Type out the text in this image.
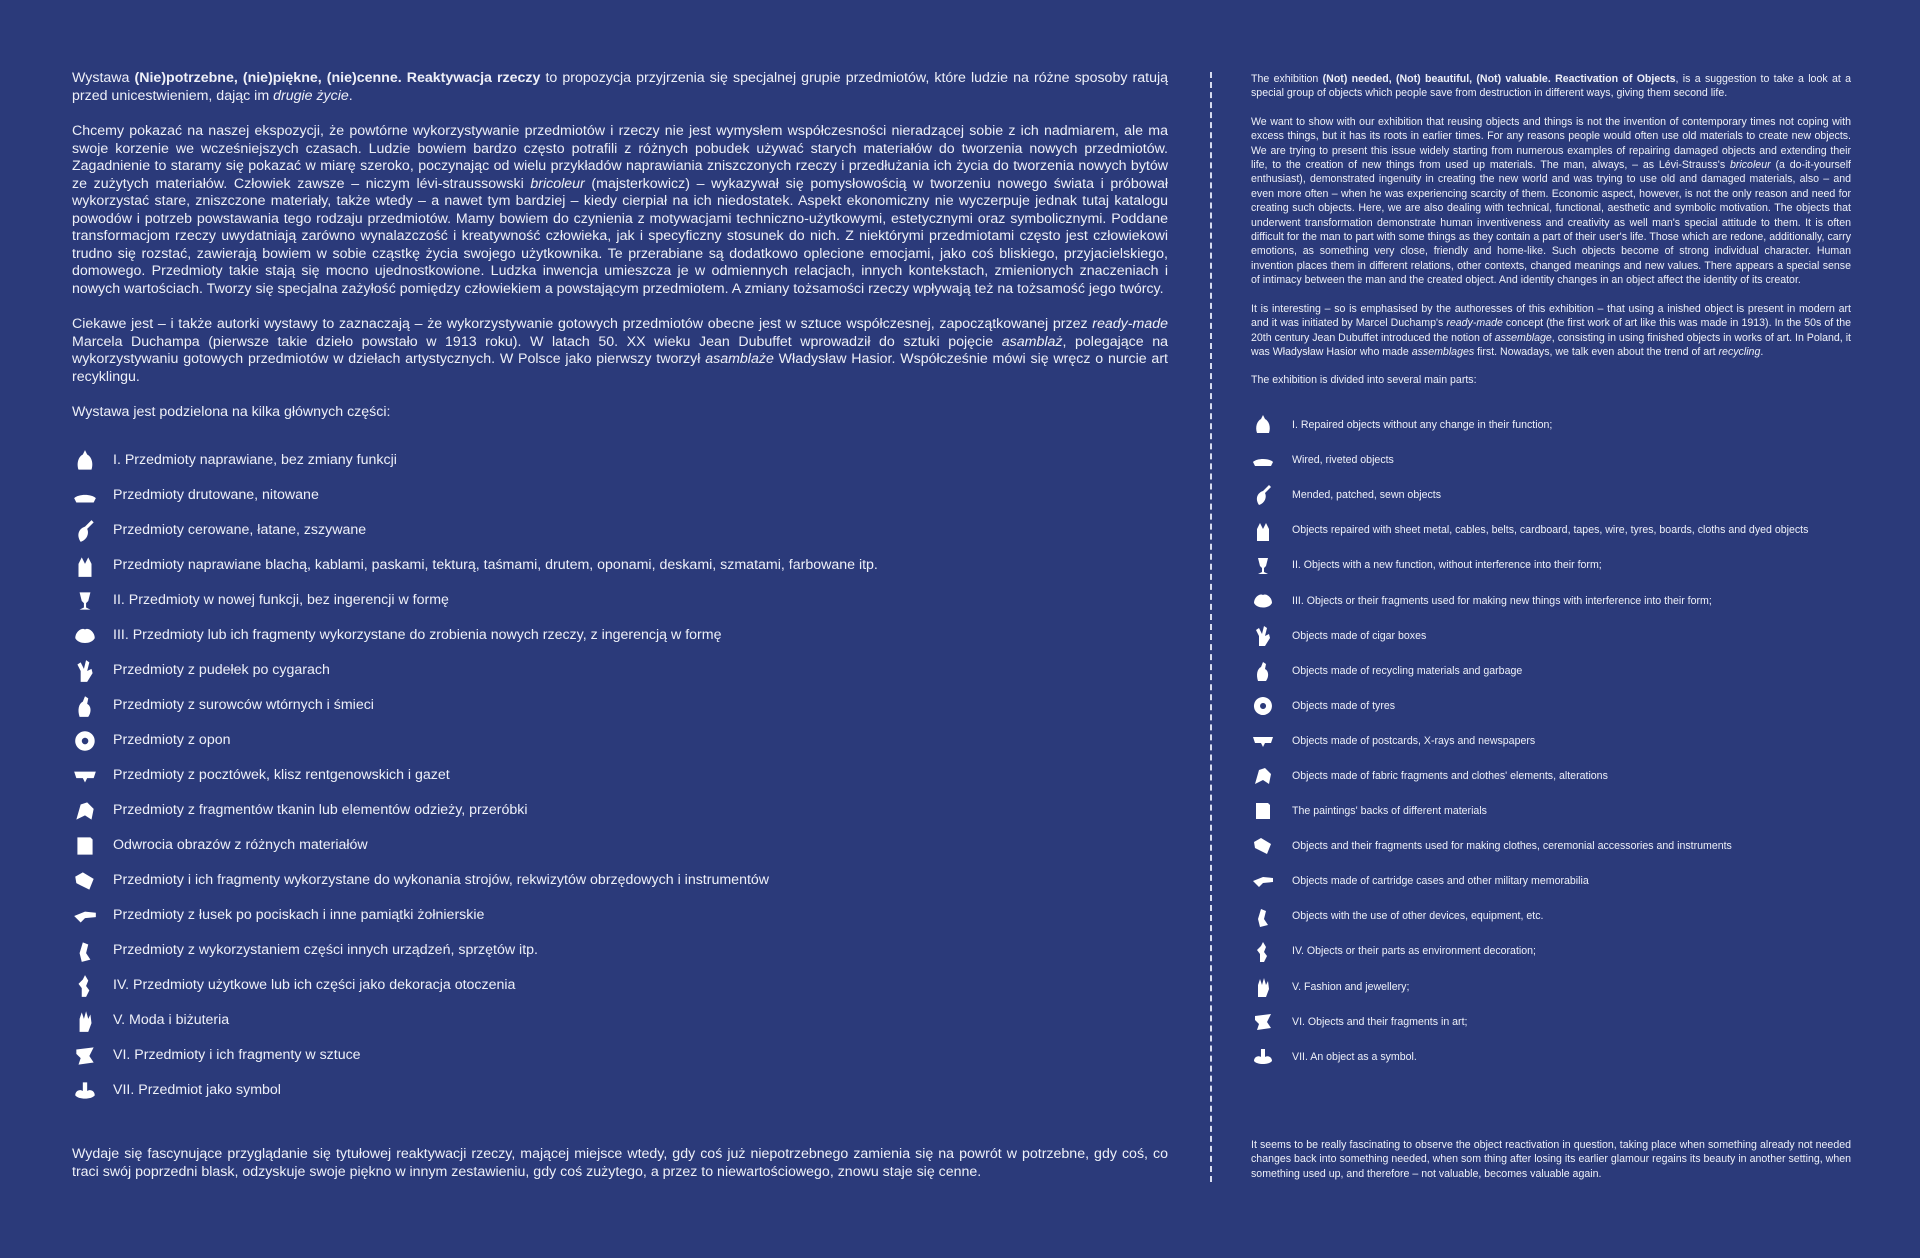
Wystawa (Nie)potrzebne, (nie)piękne, (nie)cenne. Reaktywacja rzeczy to propozycja przyjrzenia się specjalnej grupie przedmiotów, które ludzie na różne sposoby ratują przed unicestwieniem, dając im drugie życie.

Chcemy pokazać na naszej ekspozycji, że powtórne wykorzystywanie przedmiotów i rzeczy nie jest wymysłem współczesności nieradzącej sobie z ich nadmiarem, ale ma swoje korzenie we wcześniejszych czasach. Ludzie bowiem bardzo często potrafili z różnych pobudek używać starych materiałów do tworzenia nowych przedmiotów. Zagadnienie to staramy się pokazać w miarę szeroko, poczynając od wielu przykładów naprawiania zniszczonych rzeczy i przedłużania ich życia do tworzenia nowych bytów ze zużytych materiałów. Człowiek zawsze – niczym lévi-straussowski bricoleur (majsterkowicz) – wykazywał się pomysłowością w tworzeniu nowego świata i próbował wykorzystać stare, zniszczone materiały, także wtedy – a nawet tym bardziej – kiedy cierpiał na ich niedostatek. Aspekt ekonomiczny nie wyczerpuje jednak tutaj katalogu powodów i potrzeb powstawania tego rodzaju przedmiotów. Mamy bowiem do czynienia z motywacjami techniczno-użytkowymi, estetycznymi oraz symbolicznymi. Poddane transformacjom rzeczy uwydatniają zarówno wynalazczość i kreatywność człowieka, jak i specyficzny stosunek do nich. Z niektórymi przedmiotami często jest człowiekowi trudno się rozstać, zawierają bowiem w sobie cząstkę życia swojego użytkownika. Te przerabiane są dodatkowo oplecione emocjami, jako coś bliskiego, przyjacielskiego, domowego. Przedmioty takie stają się mocno ujednostkowione. Ludzka inwencja umieszcza je w odmiennych relacjach, innych kontekstach, zmienionych znaczeniach i nowych wartościach. Tworzy się specjalna zażyłość pomiędzy człowiekiem a powstającym przedmiotem. A zmiany tożsamości rzeczy wpływają też na tożsamość jego twórcy.

Ciekawe jest – i także autorki wystawy to zaznaczają – że wykorzystywanie gotowych przedmiotów obecne jest w sztuce współczesnej, zapoczątkowanej przez ready-made Marcela Duchampa (pierwsze takie dzieło powstało w 1913 roku). W latach 50. XX wieku Jean Dubuffet wprowadził do sztuki pojęcie asamblaż, polegające na wykorzystywaniu gotowych przedmiotów w dziełach artystycznych. W Polsce jako pierwszy tworzył asamblaże Władysław Hasior. Współcześnie mówi się wręcz o nurcie art recyklingu.

Wystawa jest podzielona na kilka głównych części:

I. Przedmioty naprawiane, bez zmiany funkcji
Przedmioty drutowane, nitowane
Przedmioty cerowane, łatane, zszywane
Przedmioty naprawiane blachą, kablami, paskami, tekturą, taśmami, drutem, oponami, deskami, szmatami, farbowane itp.
II. Przedmioty w nowej funkcji, bez ingerencji w formę
III. Przedmioty lub ich fragmenty wykorzystane do zrobienia nowych rzeczy, z ingerencją w formę
Przedmioty z pudełek po cygarach
Przedmioty z surowców wtórnych i śmieci
Przedmioty z opon
Przedmioty z pocztówek, klisz rentgenowskich i gazet
Przedmioty z fragmentów tkanin lub elementów odzieży, przeróbki
Odwrocia obrazów z różnych materiałów
Przedmioty i ich fragmenty wykorzystane do wykonania strojów, rekwizytów obrzędowych i instrumentów
Przedmioty z łusek po pociskach i inne pamiątki żołnierskie
Przedmioty z wykorzystaniem części innych urządzeń, sprzętów itp.
IV. Przedmioty użytkowe lub ich części jako dekoracja otoczenia
V. Moda i biżuteria
VI. Przedmioty i ich fragmenty w sztuce
VII. Przedmiot jako symbol

Wydaje się fascynujące przyglądanie się tytułowej reaktywacji rzeczy, mającej miejsce wtedy, gdy coś już niepotrzebnego zamienia się na powrót w potrzebne, gdy coś, co traci swój poprzedni blask, odzyskuje swoje piękno w innym zestawieniu, gdy coś zużytego, a przez to niewartościowego, znowu staje się cenne.

The exhibition (Not) needed, (Not) beautiful, (Not) valuable. Reactivation of Objects, is a suggestion to take a look at a special group of objects which people save from destruction in different ways, giving them second life.

We want to show with our exhibition that reusing objects and things is not the invention of contemporary times not coping with excess things, but it has its roots in earlier times. For any reasons people would often use old materials to create new objects. We are trying to present this issue widely starting from numerous examples of repairing damaged objects and extending their life, to the creation of new things from used up materials. The man, always, – as Lévi-Strauss's bricoleur (a do-it-yourself enthusiast), demonstrated ingenuity in creating the new world and was trying to use old and damaged materials, also – and even more often – when he was experiencing scarcity of them. Economic aspect, however, is not the only reason and need for creating such objects. Here, we are also dealing with technical, functional, aesthetic and symbolic motivation. The objects that underwent transformation demonstrate human inventiveness and creativity as well man's special attitude to them. It is often difficult for the man to part with some things as they contain a part of their user's life. Those which are redone, additionally, carry emotions, as something very close, friendly and home-like. Such objects become of strong individual character. Human invention places them in different relations, other contexts, changed meanings and new values. There appears a special sense of intimacy between the man and the created object. And identity changes in an object affect the identity of its creator.

It is interesting – so is emphasised by the authoresses of this exhibition – that using a inished object is present in modern art and it was initiated by Marcel Duchamp's ready-made concept (the first work of art like this was made in 1913). In the 50s of the 20th century Jean Dubuffet introduced the notion of assemblage, consisting in using finished objects in works of art. In Poland, it was Władysław Hasior who made assemblages first. Nowadays, we talk even about the trend of art recycling.

The exhibition is divided into several main parts:

I. Repaired objects without any change in their function;
Wired, riveted objects
Mended, patched, sewn objects
Objects repaired with sheet metal, cables, belts, cardboard, tapes, wire, tyres, boards, cloths and dyed objects
II. Objects with a new function, without interference into their form;
III. Objects or their fragments used for making new things with interference into their form;
Objects made of cigar boxes
Objects made of recycling materials and garbage
Objects made of tyres
Objects made of postcards, X-rays and newspapers
Objects made of fabric fragments and clothes' elements, alterations
The paintings' backs of different materials
Objects and their fragments used for making clothes, ceremonial accessories and instruments
Objects made of cartridge cases and other military memorabilia
Objects with the use of other devices, equipment, etc.
IV. Objects or their parts as environment decoration;
V. Fashion and jewellery;
VI. Objects and their fragments in art;
VII. An object as a symbol.

It seems to be really fascinating to observe the object reactivation in question, taking place when something already not needed changes back into something needed, when som thing after losing its earlier glamour regains its beauty in another setting, when something used up, and therefore – not valuable, becomes valuable again.
